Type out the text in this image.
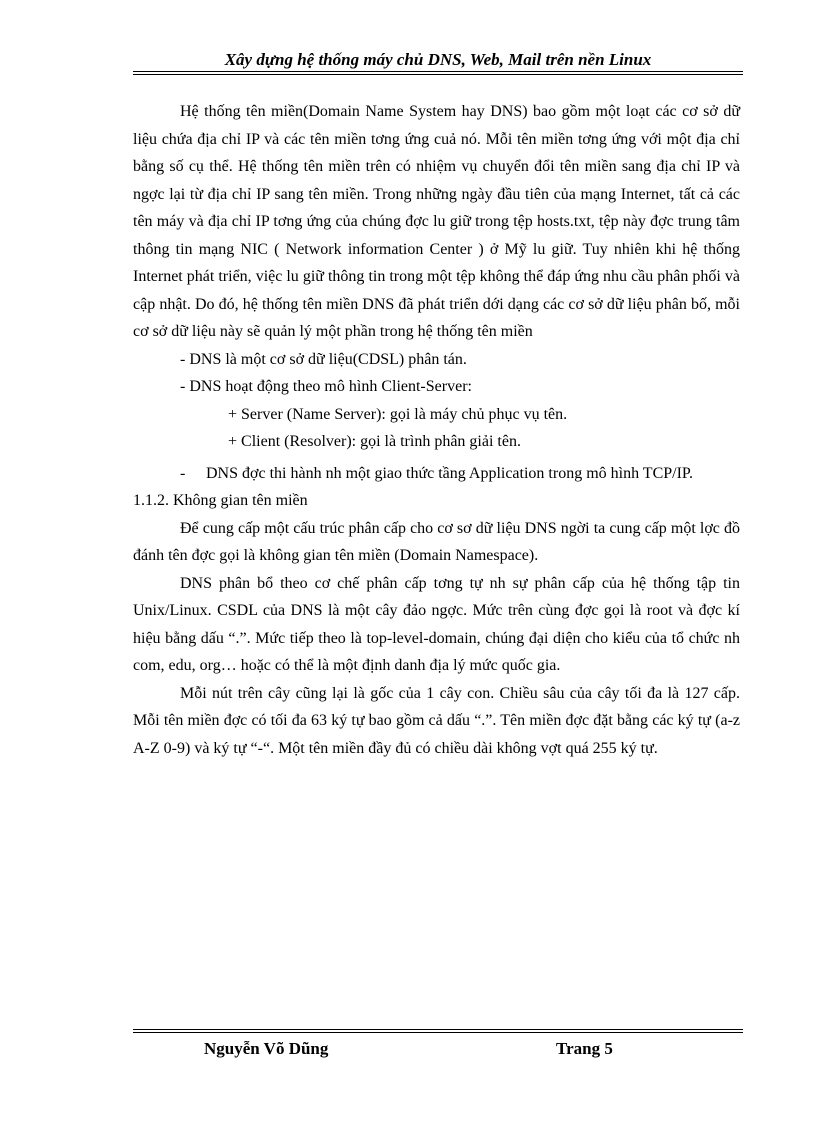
Xây dựng hệ thống máy chủ DNS, Web, Mail trên nền Linux

Hệ thống tên miền(Domain Name System hay DNS) bao gồm một loạt các cơ sở dữ liệu chứa địa chỉ IP và các tên miền tơng ứng cuả nó. Mỗi tên miền tơng ứng với một địa chỉ bằng số cụ thể. Hệ thống tên miền trên có nhiệm vụ chuyển đổi tên miền sang địa chỉ IP và ngợc lại từ địa chỉ IP sang tên miền. Trong những ngày đầu tiên của mạng Internet, tất cả các tên máy và địa chỉ IP tơng ứng của chúng đợc lu giữ trong tệp hosts.txt, tệp này đợc trung tâm thông tin mạng NIC ( Network information Center ) ở Mỹ lu giữ. Tuy nhiên khi hệ thống Internet phát triển, việc lu giữ thông tin trong một tệp không thể đáp ứng nhu cầu phân phối và cập nhật. Do đó, hệ thống tên miền DNS đã phát triển dới dạng các cơ sở dữ liệu phân bố, mỗi cơ sở dữ liệu này sẽ quản lý một phần trong hệ thống tên miền

- DNS là một cơ sở dữ liệu(CDSL) phân tán.

- DNS hoạt động theo mô hình Client-Server:

+ Server (Name Server): gọi là máy chủ phục vụ tên.

+ Client (Resolver): gọi là trình phân giải tên.

-	DNS đợc thi hành nh một giao thức tầng Application trong mô hình TCP/IP.

1.1.2. Không gian tên miền

Để cung cấp một cấu trúc phân cấp cho cơ sơ dữ liệu DNS ngời ta cung cấp một lợc đồ đánh tên đợc gọi là không gian tên miền (Domain Namespace).

DNS phân bổ theo cơ chế phân cấp tơng tự nh sự phân cấp của hệ thống tập tin Unix/Linux. CSDL của DNS là một cây đảo ngợc. Mức trên cùng đợc gọi là root và đợc kí hiệu bằng dấu “.”. Mức tiếp theo là top-level-domain, chúng đại diện cho kiểu của tổ chức nh com, edu, org… hoặc có thể là một định danh địa lý mức quốc gia.

Mỗi nút trên cây cũng lại là gốc của 1 cây con. Chiều sâu của cây tối đa là 127 cấp. Mỗi tên miền đợc có tối đa 63 ký tự bao gồm cả dấu “.”. Tên miền đợc đặt bằng các ký tự (a-z A-Z 0-9) và ký tự “-“. Một tên miền đầy đủ có chiều dài không vợt quá 255 ký tự.

Nguyễn Võ Dũng	Trang 5
